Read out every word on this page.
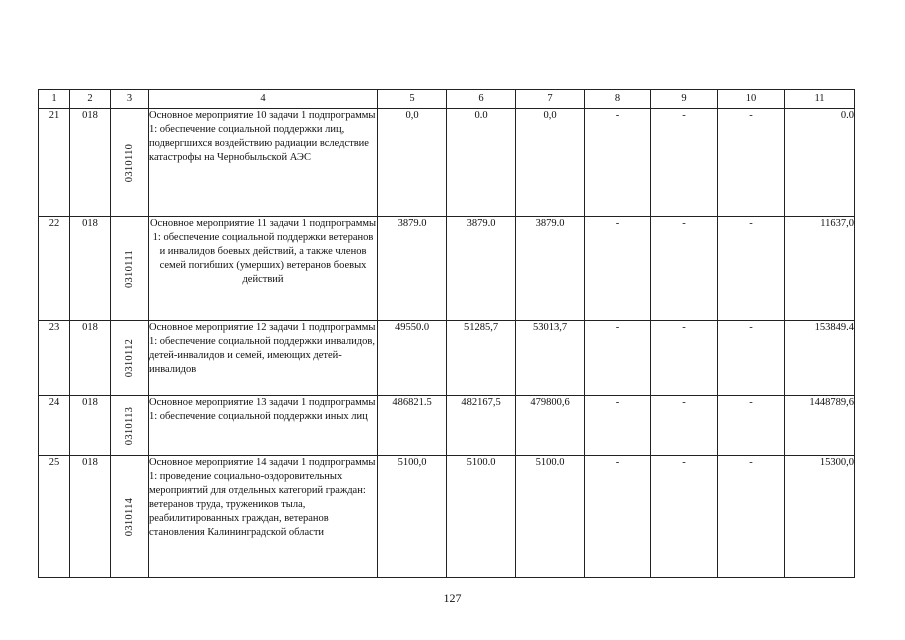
1	2	3	4	5	6	7	8	9	10	11
21	018	0310110	Основное мероприятие 10 задачи 1 подпрограммы 1: обеспечение социальной поддержки лиц, подвергшихся воздействию радиации вследствие катастрофы на Чернобыльской АЭС	0,0	0.0	0,0	-	-	-	0.0
22	018	0310111	Основное мероприятие 11 задачи 1 подпрограммы 1: обеспечение социальной поддержки ветеранов и инвалидов боевых действий, а также членов семей погибших (умерших) ветеранов боевых действий	3879.0	3879.0	3879.0	-	-	-	11637,0
23	018	0310112	Основное мероприятие 12 задачи 1 подпрограммы 1: обеспечение социальной поддержки инвалидов, детей-инвалидов и семей, имеющих детей-инвалидов	49550.0	51285,7	53013,7	-	-	-	153849.4
24	018	0310113	Основное мероприятие 13 задачи 1 подпрограммы 1: обеспечение социальной поддержки иных лиц	486821.5	482167,5	479800,6	-	-	-	1448789,6
25	018	0310114	Основное мероприятие 14 задачи 1 подпрограммы 1: проведение социально-оздоровительных мероприятий для отдельных категорий граждан: ветеранов труда, тружеников тыла, реабилитированных граждан, ветеранов становления Калининградской области	5100,0	5100.0	5100.0	-	-	-	15300,0
127
